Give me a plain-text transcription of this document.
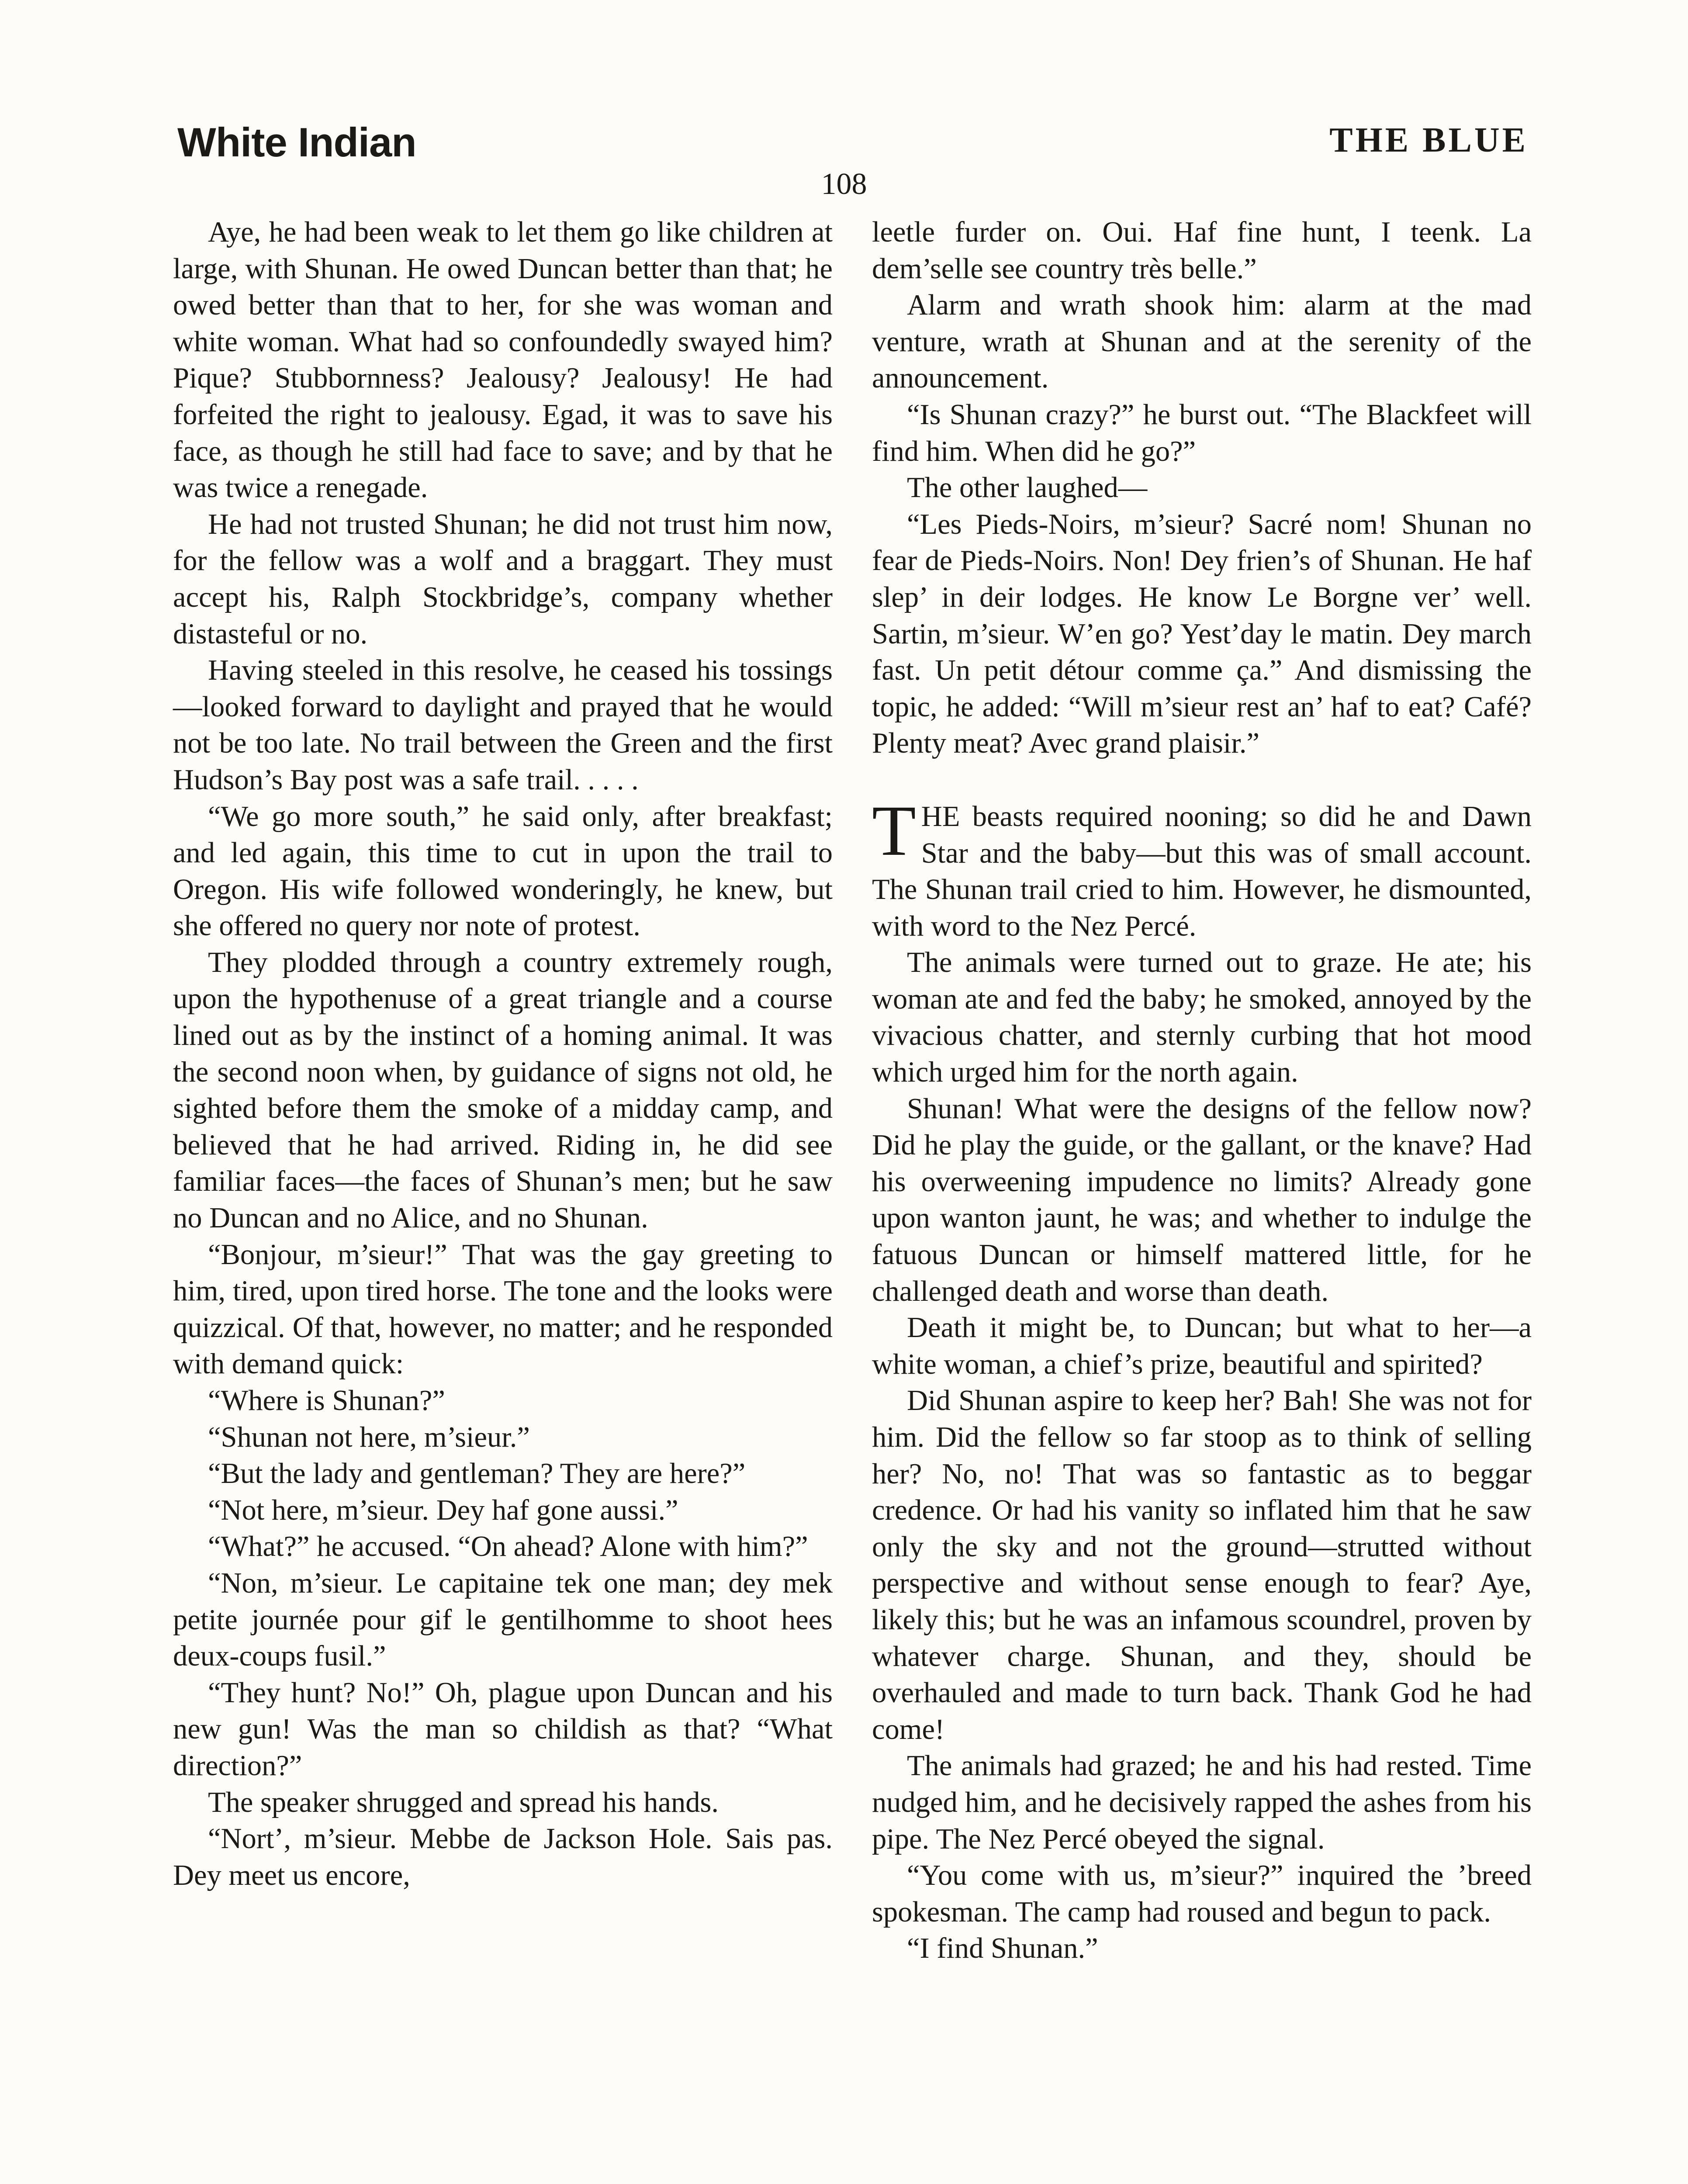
White Indian	THE BLUE
108

Aye, he had been weak to let them go like children at large, with Shunan. He owed Duncan better than that; he owed better than that to her, for she was woman and white woman. What had so confoundedly swayed him? Pique? Stubbornness? Jealousy? Jealousy! He had forfeited the right to jealousy. Egad, it was to save his face, as though he still had face to save; and by that he was twice a renegade.

He had not trusted Shunan; he did not trust him now, for the fellow was a wolf and a braggart. They must accept his, Ralph Stockbridge’s, company whether distasteful or no.

Having steeled in this resolve, he ceased his tossings—looked forward to daylight and prayed that he would not be too late. No trail between the Green and the first Hudson’s Bay post was a safe trail. . . . .

“We go more south,” he said only, after breakfast; and led again, this time to cut in upon the trail to Oregon. His wife followed wonderingly, he knew, but she offered no query nor note of protest.

They plodded through a country extremely rough, upon the hypothenuse of a great triangle and a course lined out as by the instinct of a homing animal. It was the second noon when, by guidance of signs not old, he sighted before them the smoke of a midday camp, and believed that he had arrived. Riding in, he did see familiar faces—the faces of Shunan’s men; but he saw no Duncan and no Alice, and no Shunan.

“Bonjour, m’sieur!” That was the gay greeting to him, tired, upon tired horse. The tone and the looks were quizzical. Of that, however, no matter; and he responded with demand quick:

“Where is Shunan?”

“Shunan not here, m’sieur.”

“But the lady and gentleman? They are here?”

“Not here, m’sieur. Dey haf gone aussi.”

“What?” he accused. “On ahead? Alone with him?”

“Non, m’sieur. Le capitaine tek one man; dey mek petite journée pour gif le gentilhomme to shoot hees deux-coups fusil.”

“They hunt? No!” Oh, plague upon Duncan and his new gun! Was the man so childish as that? “What direction?”

The speaker shrugged and spread his hands.

“Nort’, m’sieur. Mebbe de Jackson Hole. Sais pas. Dey meet us encore,

leetle furder on. Oui. Haf fine hunt, I teenk. La dem’selle see country très belle.”

Alarm and wrath shook him: alarm at the mad venture, wrath at Shunan and at the serenity of the announcement.

“Is Shunan crazy?” he burst out. “The Blackfeet will find him. When did he go?”

The other laughed—

“Les Pieds-Noirs, m’sieur? Sacré nom! Shunan no fear de Pieds-Noirs. Non! Dey frien’s of Shunan. He haf slep’ in deir lodges. He know Le Borgne ver’ well. Sartin, m’sieur. W’en go? Yest’day le matin. Dey march fast. Un petit détour comme ça.” And dismissing the topic, he added: “Will m’sieur rest an’ haf to eat? Café? Plenty meat? Avec grand plaisir.”

THE beasts required nooning; so did he and Dawn Star and the baby—but this was of small account. The Shunan trail cried to him. However, he dismounted, with word to the Nez Percé.

The animals were turned out to graze. He ate; his woman ate and fed the baby; he smoked, annoyed by the vivacious chatter, and sternly curbing that hot mood which urged him for the north again.

Shunan! What were the designs of the fellow now? Did he play the guide, or the gallant, or the knave? Had his overweening impudence no limits? Already gone upon wanton jaunt, he was; and whether to indulge the fatuous Duncan or himself mattered little, for he challenged death and worse than death.

Death it might be, to Duncan; but what to her—a white woman, a chief’s prize, beautiful and spirited?

Did Shunan aspire to keep her? Bah! She was not for him. Did the fellow so far stoop as to think of selling her? No, no! That was so fantastic as to beggar credence. Or had his vanity so inflated him that he saw only the sky and not the ground—strutted without perspective and without sense enough to fear? Aye, likely this; but he was an infamous scoundrel, proven by whatever charge. Shunan, and they, should be overhauled and made to turn back. Thank God he had come!

The animals had grazed; he and his had rested. Time nudged him, and he decisively rapped the ashes from his pipe. The Nez Percé obeyed the signal.

“You come with us, m’sieur?” inquired the ’breed spokesman. The camp had roused and begun to pack.

“I find Shunan.”
